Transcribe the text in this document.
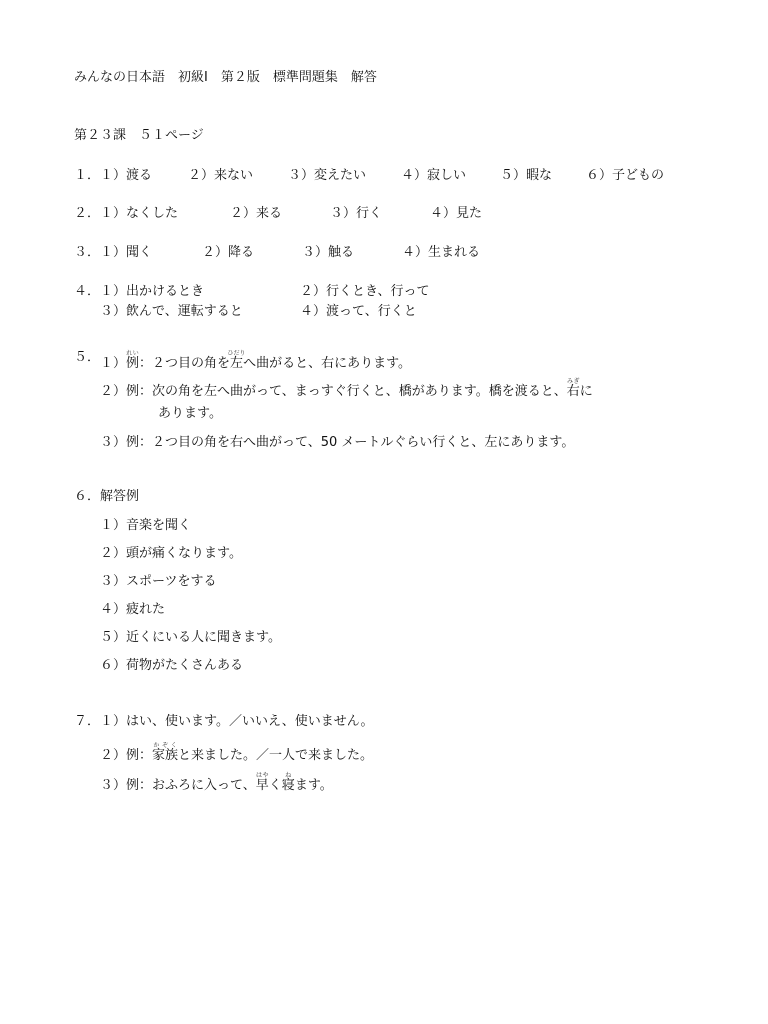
みんなの日本語　初級Ⅰ　第２版　標準問題集　解答
第２３課　５１ページ
１． １）渡る	２）来ない	３）変えたい	４）寂しい	５）暇な	６）子どもの
２． １）なくした	２）来る	３）行く	４）見た
３． １）聞く	２）降る	３）触る	４）生まれる
４． １）出かけるとき	２）行くとき、行って
３）飲んで、運転すると	４）渡って、行くと
５． １）例れい：２つ目の角を左ひだりへ曲がると、右にあります。
２）例：次の角を左へ曲がって、まっすぐ行くと、橋があります。橋を渡ると、右みぎに
あります。
３）例：２つ目の角を右へ曲がって、50 メートルぐらい行くと、左にあります。
６．解答例
１）音楽を聞く
２）頭が痛くなります。
３）スポーツをする
４）疲れた
５）近くにいる人に聞きます。
６）荷物がたくさんある
７． １）はい、使います。／いいえ、使いません。
２）例：家族かぞくと来ました。／一人で来ました。
３）例：おふろに入って、早はやく寝ねます。
